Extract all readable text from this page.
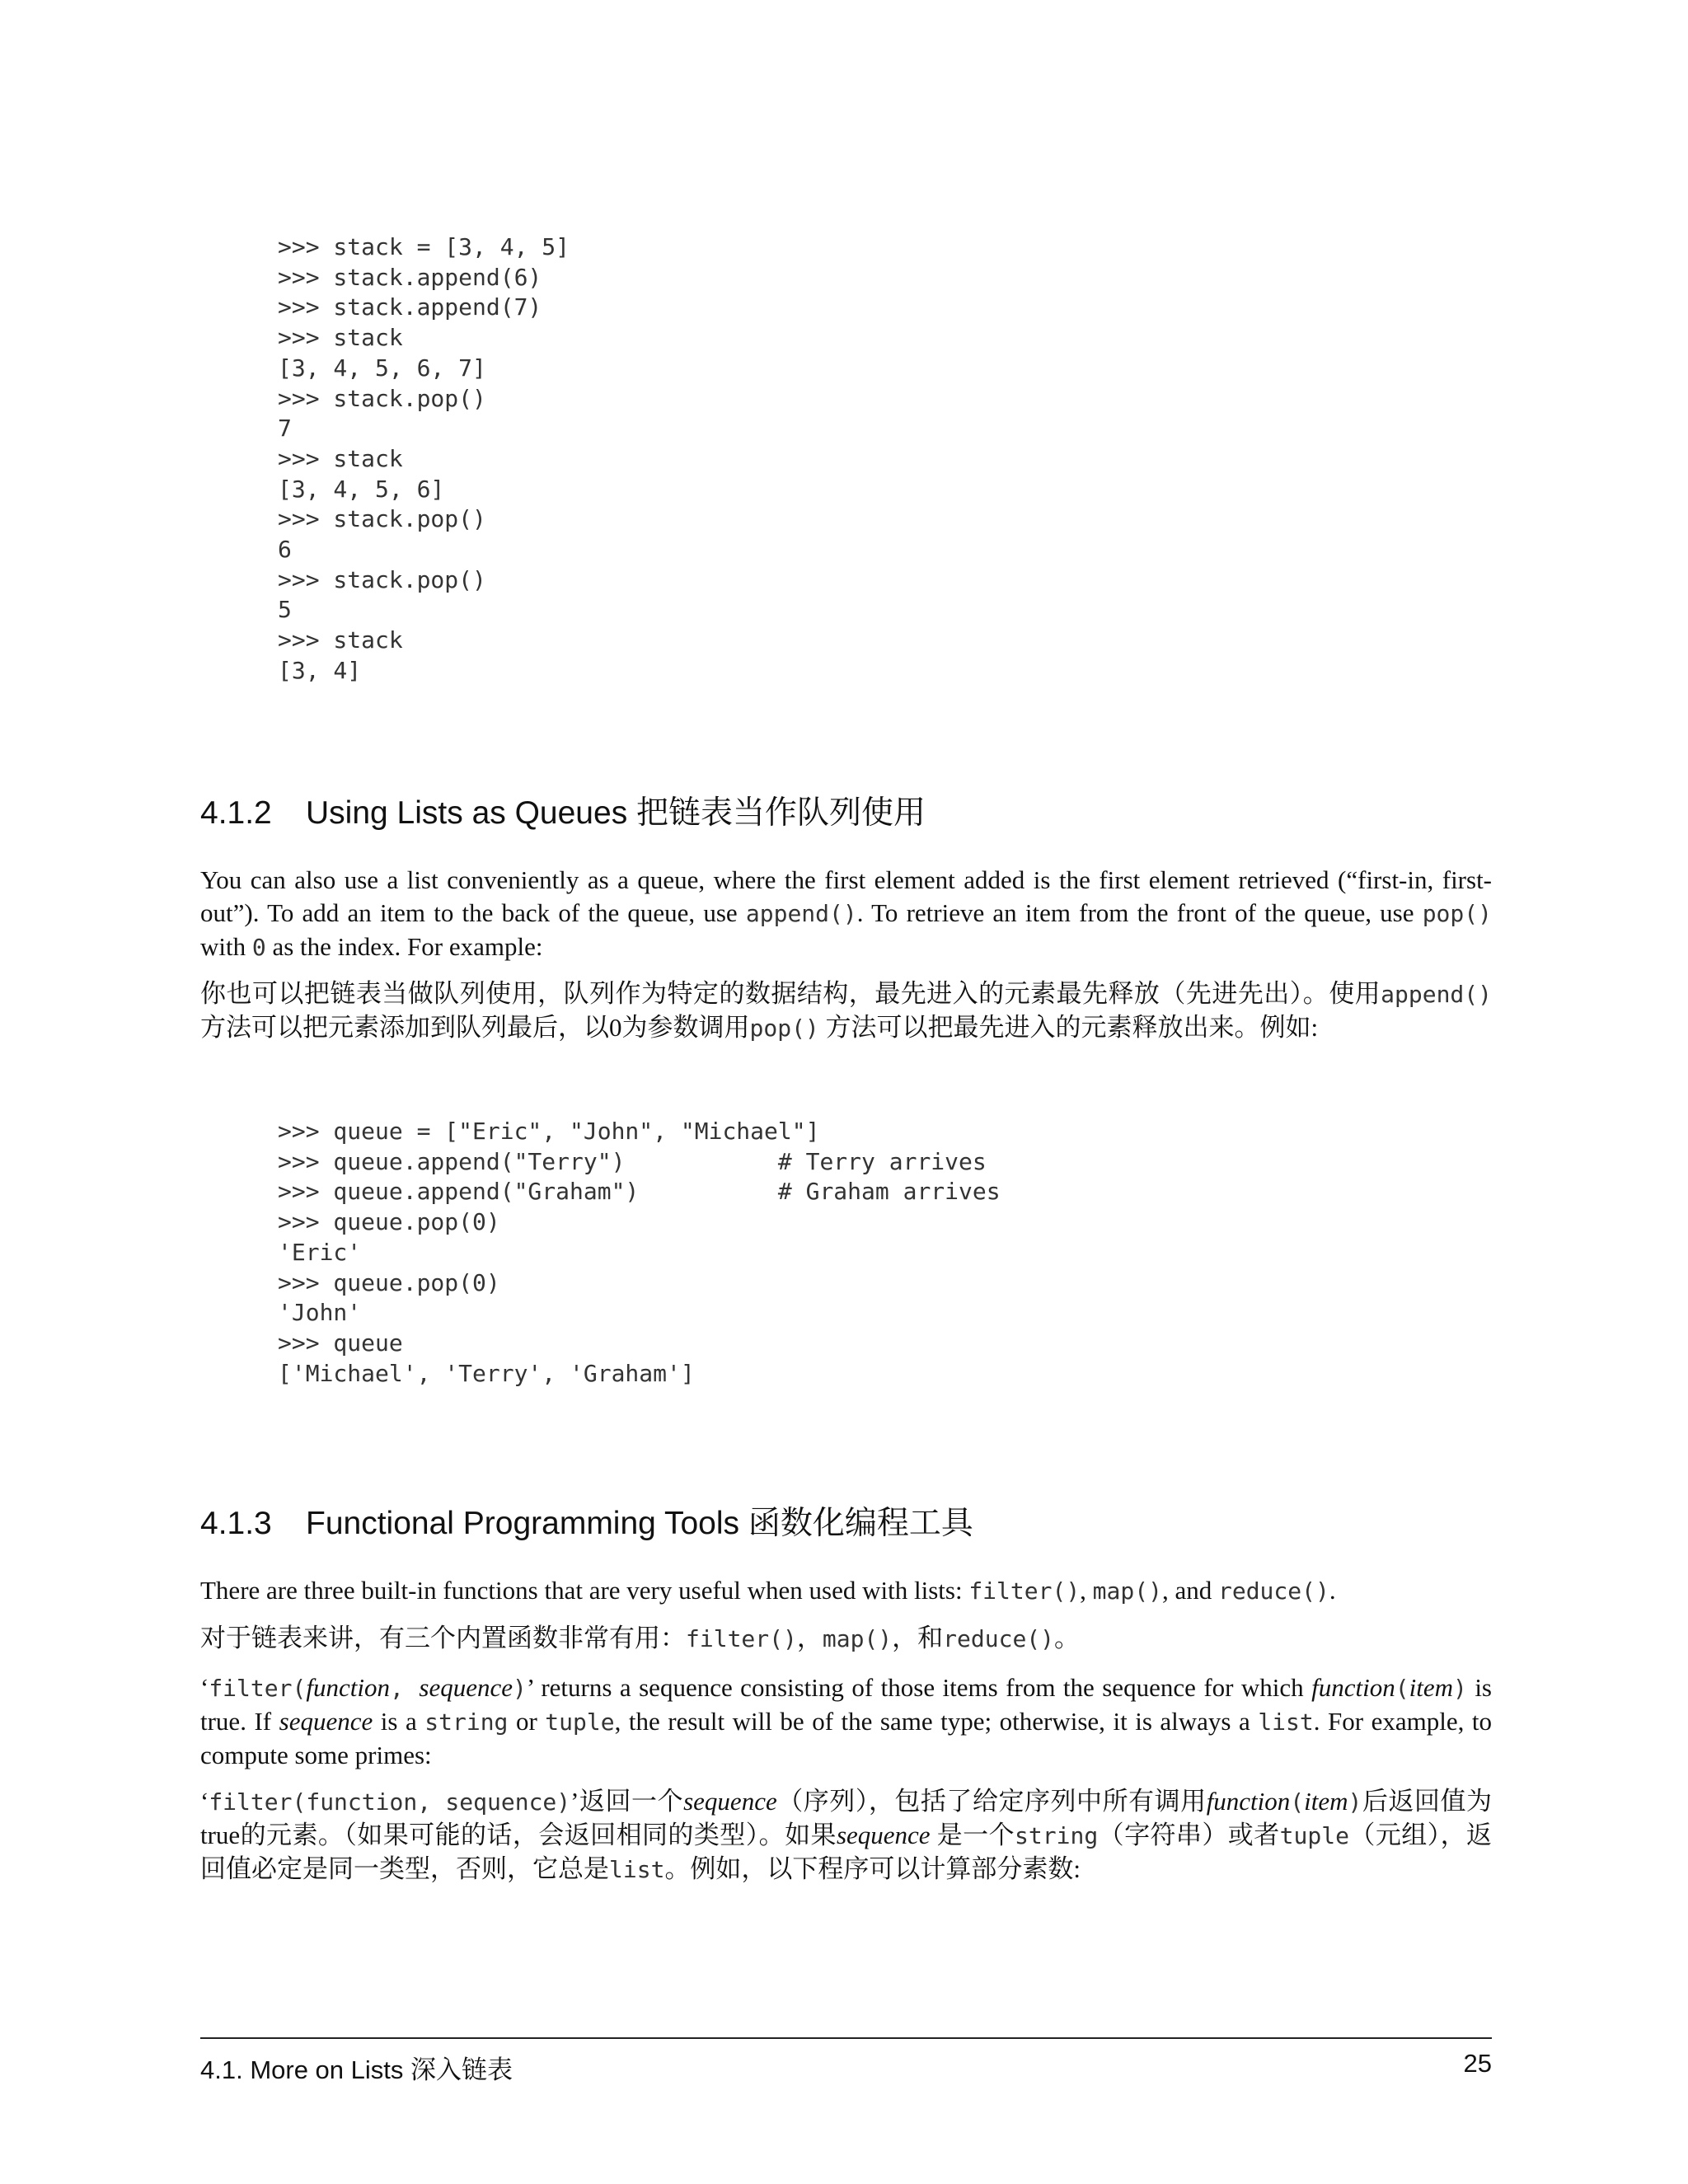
>>> stack = [3, 4, 5]
>>> stack.append(6)
>>> stack.append(7)
>>> stack
[3, 4, 5, 6, 7]
>>> stack.pop()
7
>>> stack
[3, 4, 5, 6]
>>> stack.pop()
6
>>> stack.pop()
5
>>> stack
[3, 4]
4.1.2 Using Lists as Queues 把链表当作队列使用

You can also use a list conveniently as a queue, where the first element added is the first element retrieved (“first-in, first-out”). To add an item to the back of the queue, use append(). To retrieve an item from the front of the queue, use pop() with 0 as the index. For example:

你也可以把链表当做队列使用，队列作为特定的数据结构，最先进入的元素最先释放（先进先出）。使用append() 方法可以把元素添加到队列最后，以0为参数调用pop() 方法可以把最先进入的元素释放出来。例如:

>>> queue = ["Eric", "John", "Michael"]
>>> queue.append("Terry")           # Terry arrives
>>> queue.append("Graham")          # Graham arrives
>>> queue.pop(0)
'Eric'
>>> queue.pop(0)
'John'
>>> queue
['Michael', 'Terry', 'Graham']
4.1.3 Functional Programming Tools 函数化编程工具

There are three built-in functions that are very useful when used with lists: filter(), map(), and reduce().

对于链表来讲，有三个内置函数非常有用：filter()，map()，和reduce()。

‘filter(function, sequence)’ returns a sequence consisting of those items from the sequence for which function(item) is true. If sequence is a string or tuple, the result will be of the same type; otherwise, it is always a list. For example, to compute some primes:

‘filter(function, sequence)’返回一个sequence（序列），包括了给定序列中所有调用function(item)后返回值为true的元素。（如果可能的话，会返回相同的类型）。如果sequence 是一个string（字符串）或者tuple（元组），返回值必定是同一类型，否则，它总是list。例如，以下程序可以计算部分素数:

4.1. More on Lists 深入链表	25
